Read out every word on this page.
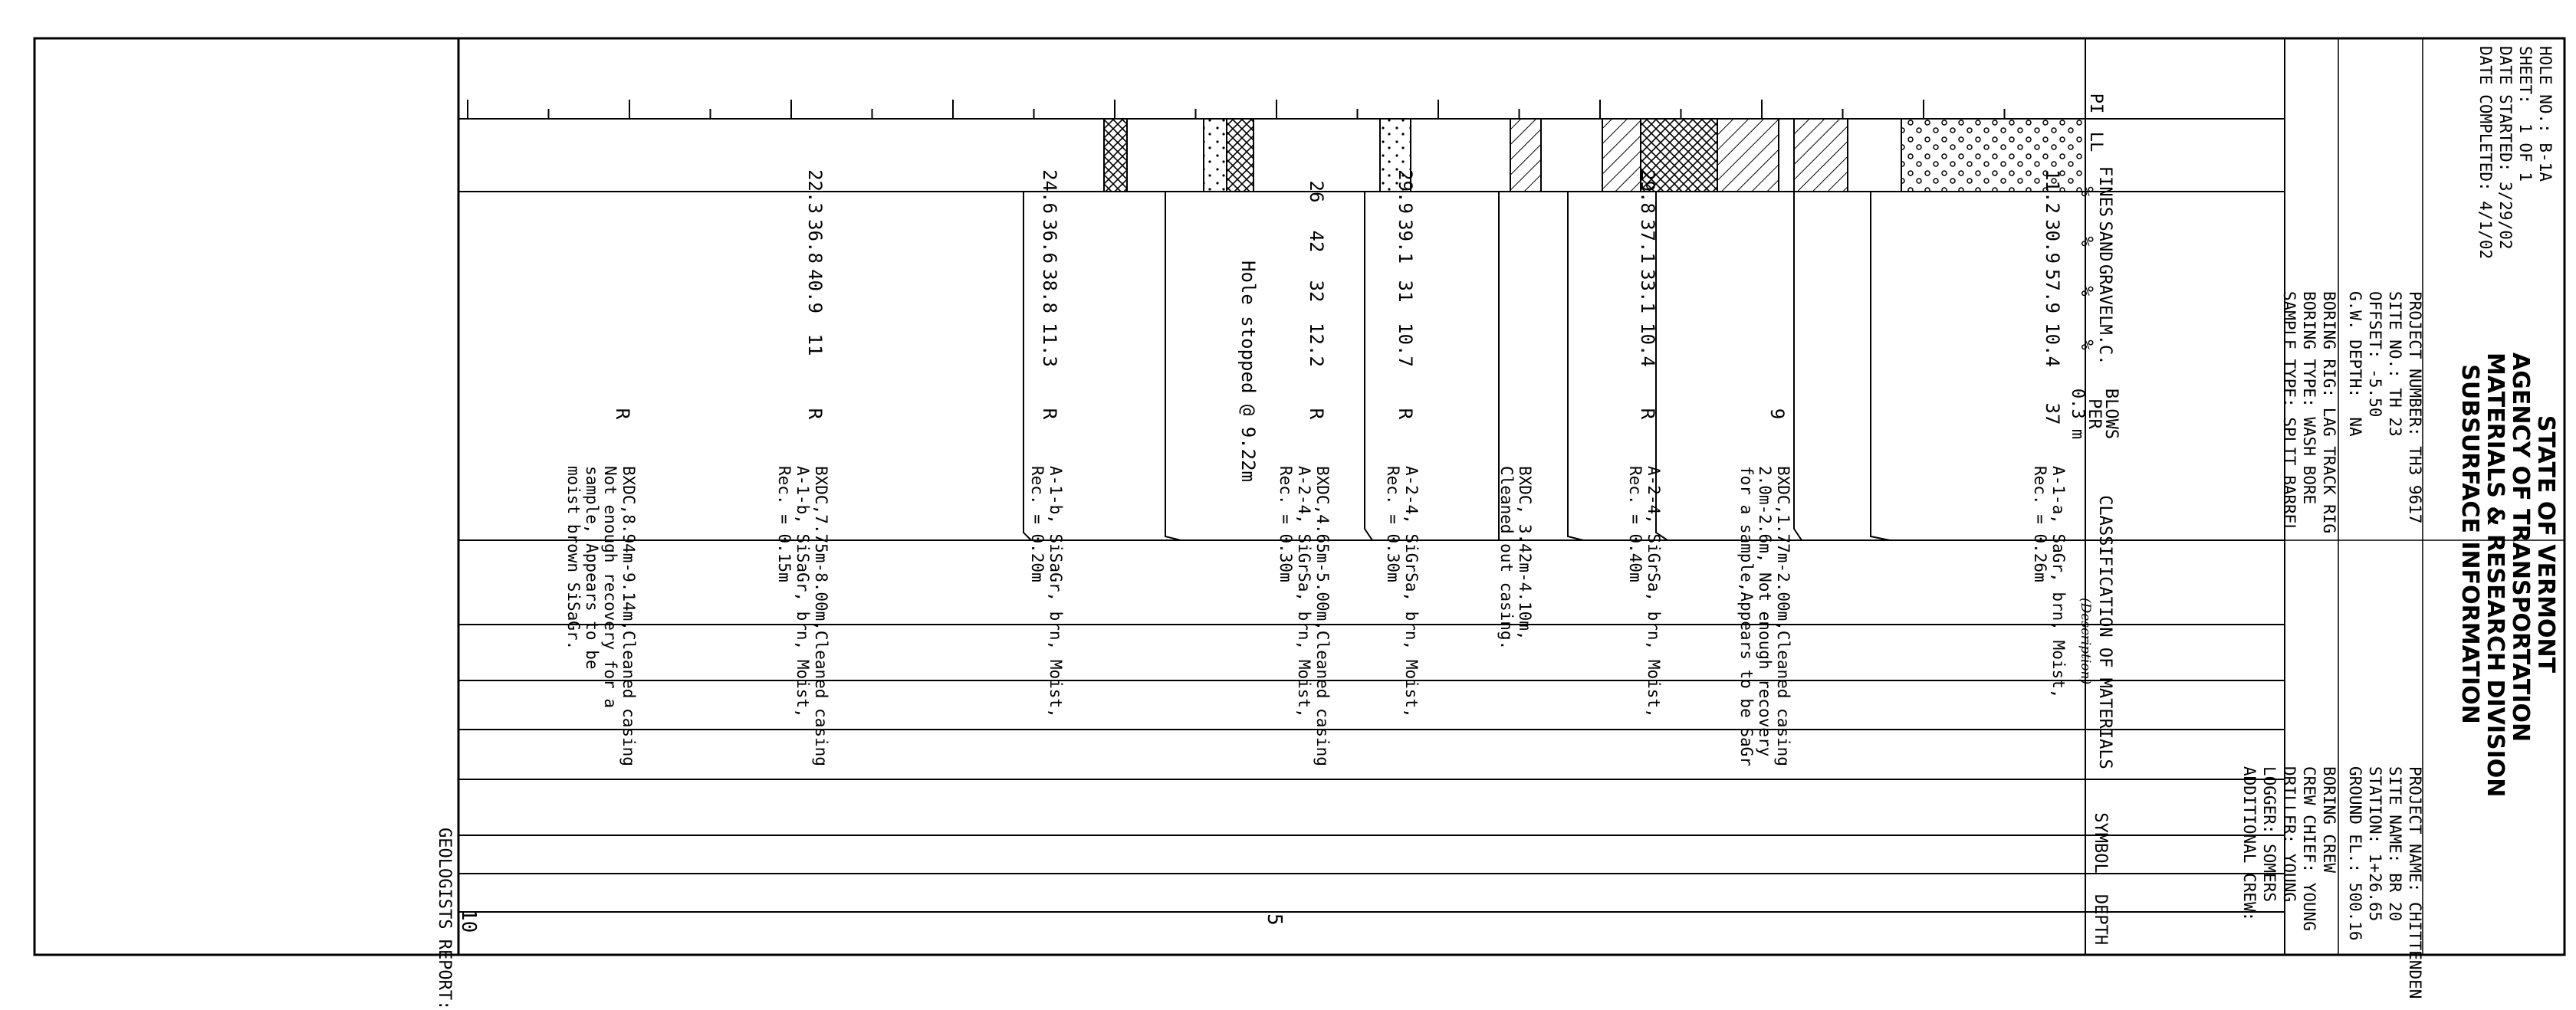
STATE OF VERMONT
AGENCY OF TRANSPORTATION
MATERIALS & RESEARCH DIVISION
SUBSURFACE INFORMATION
HOLE NO.: B-1A
SHEET:  1 OF 1
DATE STARTED: 3/29/02
DATE COMPLETED: 4/1/02
PROJECT NAME: CHITTENDEN
SITE NAME: BR 20
STATION: 1+26.65
GROUND EL.: 500.16
PROJECT NUMBER: TH3 9617
SITE NO.: TH 23
OFFSET: -5.50
G.W. DEPTH:  NA
BORING CREW
CREW CHIEF: YOUNG
DRILLER: YOUNG
LOGGER: SOMERS
ADDITIONAL CREW:
BORING RIG: LAG TRACK RIG
BORING TYPE: WASH BORE
SAMPLE TYPE: SPLIT BARREL
DEPTH
SYMBOL
CLASSIFICATION OF MATERIALS
(Description)
BLOWS
PER
0.3 m
M.C.
%
GRAVEL
%
SAND
%
FINES
%
LL
PI
5
10
A-1-a, SaGr, brn, Moist,
Rec. = 0.26m
37
10.4
57.9
30.9
11.2
BXDC,1.77m-2.00m,Cleaned casing
2.0m-2.6m, Not enough recovery
for a sample,Appears to be SaGr
9
A-2-4, SiGrSa, brn, Moist,
Rec. = 0.40m
R
10.4
33.1
37.1
29.8
BXDC, 3.42m-4.10m,
Cleaned out casing.
A-2-4, SiGrSa, brn, Moist,
Rec. = 0.30m
R
10.7
31
39.1
29.9
BXDC,4.65m-5.00m,Cleaned casing
A-2-4, SiGrSa, brn, Moist,
Rec. = 0.30m
R
12.2
32
42
26
A-1-b, SiSaGr, brn, Moist,
Rec. = 0.20m
R
11.3
38.8
36.6
24.6
BXDC,7.75m-8.00m,Cleaned casing
A-1-b, SiSaGr, brn, Moist,
Rec. = 0.15m
R
11
40.9
36.8
22.3
BXDC,8.94m-9.14m,Cleaned casing
Not enough recovery for a
sample, Appears to be
moist brown SiSaGr.
R	Hole stopped @ 9.22m
GEOLOGISTS REPORT:
